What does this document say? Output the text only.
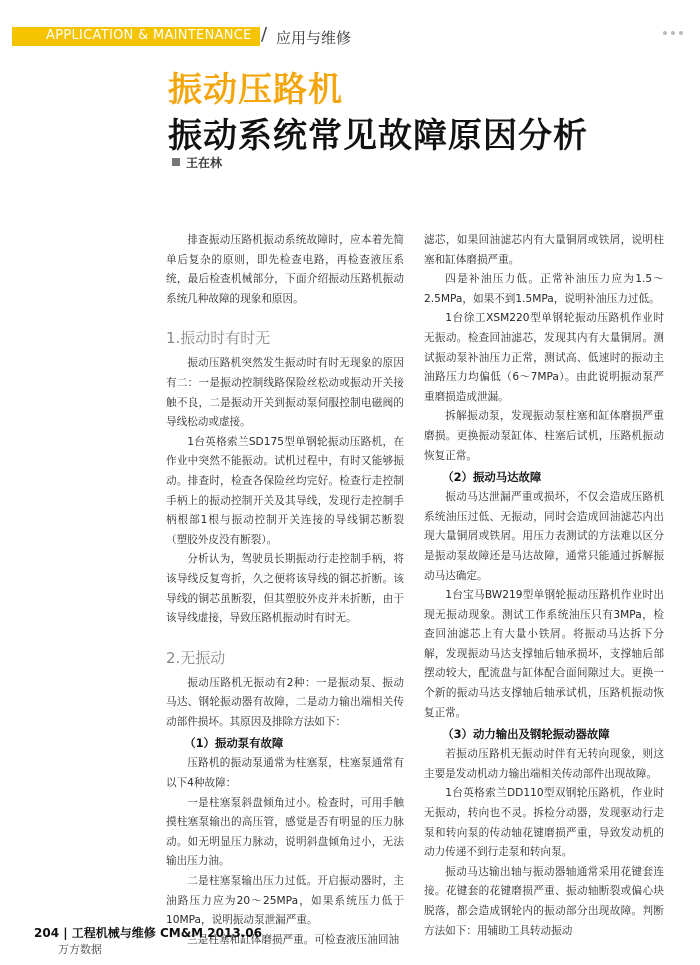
APPLICATION & MAINTENANCE / 应用与维修
振动压路机
振动系统常见故障原因分析
王在林

排查振动压路机振动系统故障时，应本着先简单后复杂的原则，即先检查电路，再检查液压系统，最后检查机械部分，下面介绍振动压路机振动系统几种故障的现象和原因。

1.振动时有时无

振动压路机突然发生振动时有时无现象的原因有二：一是振动控制线路保险丝松动或振动开关接触不良，二是振动开关到振动泵伺服控制电磁阀的导线松动或虚接。

1台英格索兰SD175型单钢轮振动压路机，在作业中突然不能振动。试机过程中，有时又能够振动。排查时，检查各保险丝均完好。检查行走控制手柄上的振动控制开关及其导线，发现行走控制手柄根部1根与振动控制开关连接的导线铜芯断裂（塑胶外皮没有断裂）。

分析认为，驾驶员长期振动行走控制手柄，将该导线反复弯折，久之便将该导线的铜芯折断。该导线的铜芯虽断裂，但其塑胶外皮并未折断，由于该导线虚接，导致压路机振动时有时无。

2.无振动

振动压路机无振动有2种：一是振动泵、振动马达、钢轮振动器有故障，二是动力输出端相关传动部件损坏。其原因及排除方法如下：

（1）振动泵有故障

压路机的振动泵通常为柱塞泵，柱塞泵通常有以下4种故障：

一是柱塞泵斜盘倾角过小。检查时，可用手触摸柱塞泵输出的高压管，感觉是否有明显的压力脉动。如无明显压力脉动，说明斜盘倾角过小，无法输出压力油。

二是柱塞泵输出压力过低。开启振动器时，主油路压力应为20～25MPa，如果系统压力低于10MPa，说明振动泵泄漏严重。

三是柱塞和缸体磨损严重。可检查液压油回油

滤芯，如果回油滤芯内有大量铜屑或铁屑，说明柱塞和缸体磨损严重。

四是补油压力低。正常补油压力应为1.5～2.5MPa，如果不到1.5MPa，说明补油压力过低。

1台徐工XSM220型单钢轮振动压路机作业时无振动。检查回油滤芯，发现其内有大量铜屑。测试振动泵补油压力正常，测试高、低速时的振动主油路压力均偏低（6～7MPa）。由此说明振动泵严重磨损造成泄漏。

拆解振动泵，发现振动泵柱塞和缸体磨损严重磨损。更换振动泵缸体、柱塞后试机，压路机振动恢复正常。

（2）振动马达故障

振动马达泄漏严重或损坏，不仅会造成压路机系统油压过低、无振动，同时会造成回油滤芯内出现大量铜屑或铁屑。用压力表测试的方法难以区分是振动泵故障还是马达故障，通常只能通过拆解振动马达确定。

1台宝马BW219型单钢轮振动压路机作业时出现无振动现象。测试工作系统油压只有3MPa，检查回油滤芯上有大量小铁屑。将振动马达拆下分解，发现振动马达支撑轴后轴承损坏，支撑轴后部摆动较大，配流盘与缸体配合面间隙过大。更换一个新的振动马达支撑轴后轴承试机，压路机振动恢复正常。

（3）动力输出及钢轮振动器故障

若振动压路机无振动时伴有无转向现象，则这主要是发动机动力输出端相关传动部件出现故障。

1台英格索兰DD110型双钢轮压路机，作业时无振动，转向也不灵。拆检分动器，发现驱动行走泵和转向泵的传动轴花键磨损严重，导致发动机的动力传递不到行走泵和转向泵。

振动马达输出轴与振动器轴通常采用花键套连接。花键套的花键磨损严重、振动轴断裂或偏心块脱落，都会造成钢轮内的振动部分出现故障。判断方法如下：用辅助工具转动振动

204 | 工程机械与维修 CM&M 2013.06
万方数据
